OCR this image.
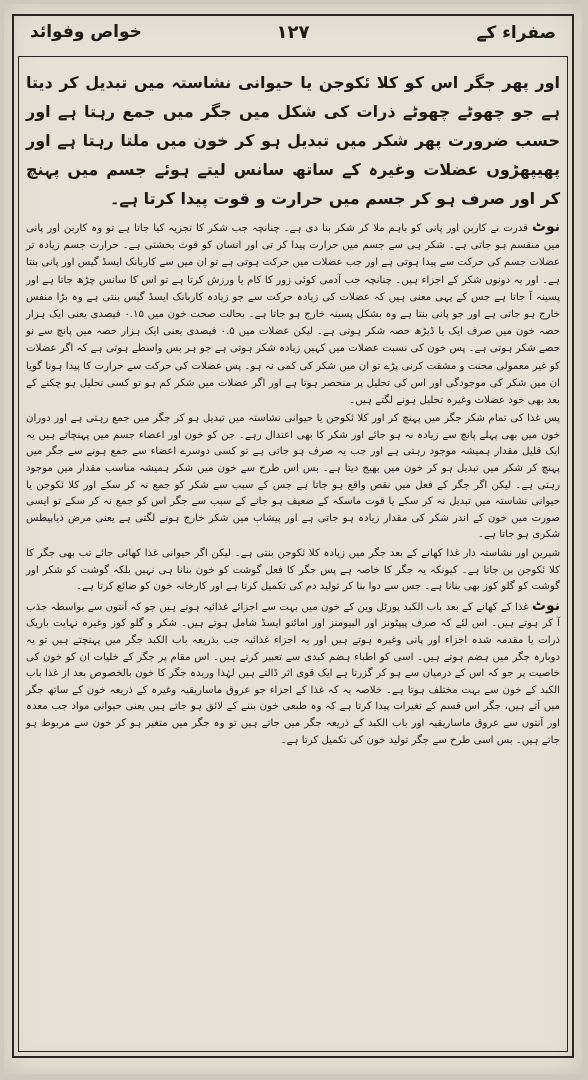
خواص وفوائد	۱۲۷	صفراء کے

اور پھر جگر اس کو کلا ئکوجن یا حیوانی نشاستہ میں تبدیل کر دیتا ہے جو چھوٹے چھوٹے ذرات کی شکل میں جگر میں جمع رہتا ہے اور حسب ضرورت پھر شکر میں تبدیل ہو کر خون میں ملتا رہتا ہے اور پھیپھڑوں عضلات وغیرہ کے ساتھ سانس لیتے ہوئے جسم میں پہنچ کر اور صرف ہو کر جسم میں حرارت و قوت پیدا کرتا ہے۔

نوٹ قدرت نے کاربن اور پانی کو باہم ملا کر شکر بنا دی ہے۔ چنانچہ جب شکر کا تجزیہ کیا جاتا ہے تو وہ کاربن اور پانی میں منقسم ہو جاتی ہے۔ شکر ہی سے جسم میں حرارت پیدا کر تی اور انسان کو قوت بخشتی ہے۔ حرارت جسم زیادہ تر عضلات جسم کی حرکت سے پیدا ہوتی ہے اور جب عضلات میں حرکت ہوتی ہے تو ان میں سے کاربانک ایسڈ گیس اور پانی بنتا ہے۔ اور یہ دونوں شکر کے اجزاء ہیں۔ چنانچہ جب آدمی کوئی زور کا کام یا ورزش کرتا ہے تو اس کا سانس چڑھ جاتا ہے اور پسینہ آ جاتا ہے جس کے یہی معنی ہیں کہ عضلات کی زیادہ حرکت سے جو زیادہ کاربانک ایسڈ گیس بنتی ہے وہ بڑا منفس خارج ہو جاتی ہے اور جو پانی بنتا ہے وہ بشکل پسینہ خارج ہو جاتا ہے۔ بحالت صحت خون میں ۰.۱۵ فیصدی یعنی ایک ہزار حصہ خون میں صرف ایک یا ڈیڑھ حصہ شکر ہوتی ہے۔ لیکن عضلات میں ۰.۵ فیصدی یعنی ایک ہزار حصہ میں پانچ سے نو حصے شکر ہوتی ہے۔ پس خون کی نسبت عضلات میں کہیں زیادہ شکر ہوتی ہے جو ہر بس واسطے ہوتی ہے کہ اگر عضلات کو غیر معمولی محنت و مشقت کرنی پڑے تو ان میں شکر کی کمی نہ ہو۔ پس عضلات کی حرکت سے حرارت کا پیدا ہونا گویا ان میں شکر کی موجودگی اور اس کی تحلیل پر منحصر ہوتا ہے اور اگر عضلات میں شکر کم ہو تو کسی تحلیل ہو چکنے کے بعد بھی خود عضلات وغیرہ تحلیل ہونے لگتے ہیں۔

پس غذا کی تمام شکر جگر میں پہنچ کر اور کلا ئکوجن یا حیوانی نشاستہ میں تبدیل ہو کر جگر میں جمع رہتی ہے اور دوران خون میں بھی پہلے پانچ سے زیادہ نہ ہو جائے اور شکر کا بھی اعتدال رہے۔ جن کو خون اور اعضاء جسم میں پہنچاتے ہیں یہ ایک قلیل مقدار ہمیشہ موجود رہتی ہے اور جب یہ صرف ہو جاتی ہے تو کسی دوسرے اعضاء سے جمع ہونے سے جگر میں پہنچ کر شکر میں تبدیل ہو کر خون میں بھیج دیتا ہے۔ بس اس طرح سے خون میں شکر ہمیشہ مناسب مقدار میں موجود رہتی ہے۔ لیکن اگر جگر کے فعل میں نقص واقع ہو جاتا ہے جس کے سبب سے شکر کو جمع نہ کر سکے اور کلا ئکوجن یا حیوانی نشاستہ میں تبدیل نہ کر سکے یا قوت ماسکہ کے ضعیف ہو جانے کے سبب سے جگر اس کو جمع نہ کر سکے تو ایسی صورت میں خون کے اندر شکر کی مقدار زیادہ ہو جاتی ہے اور پیشاب میں شکر خارج ہونے لگتی ہے یعنی مرض ذیابیطس شکری ہو جاتا ہے۔

شیرین اور نشاستہ دار غذا کھانے کے بعد جگر میں زیادہ کلا ئکوجن بنتی ہے۔ لیکن اگر حیوانی غذا کھائی جائے تب بھی جگر کا کلا ئکوجن بن جاتا ہے۔ کیونکہ یہ جگر کا خاصہ ہے پس جگر کا فعل گوشت کو خون بنانا ہی نہیں بلکہ گوشت کو شکر اور گوشت کو گلو کوز بھی بنانا ہے۔ جس سے دوا بنا کر تولید دم کی تکمیل کرتا ہے اور کارخانہ خون کو ضائع کرتا ہے۔

نوٹ غذا کے کھانے کے بعد باب الکبد پورٹل وین کے خون میں بہت سے اجزائے غذائیہ ہوتے ہیں جو کہ آنتوں سے بواسطہ جذب آ کر ہوتے ہیں۔ اس لئے کہ صرف پیپٹونز اور البیومنز اور امائنو ایسڈ شامل ہوتے ہیں۔ شکر و گلو کوز وغیرہ نہایت باریک ذرات یا مقدمہ شدہ اجزاء اور پانی وغیرہ ہوتے ہیں اور یہ اجزاء غذائیہ جب بذریعہ باب الکبد جگر میں پہنچتے ہیں تو یہ دوبارہ جگر میں ہضم ہوتے ہیں۔ اسی کو اطباء ہضم کبدی سے تعبیر کرتے ہیں۔ اس مقام پر جگر کے خلیات ان کو خون کی خاصیت پر جو کہ اس کے درمیان سے ہو کر گزرتا ہے ایک قوی اثر ڈالتے ہیں لہٰذا وریدہ جگر کا خون بالخصوص بعد از غذا باب الکبد کے خون سے بہت مختلف ہوتا ہے۔ خلاصہ یہ کہ غذا کے اجزاء جو عروق ماساریقیہ وغیرہ کے ذریعہ خون کے ساتھ جگر میں آتے ہیں، جگر اس قسم کے تغیرات پیدا کرتا ہے کہ وہ طبعی خون بننے کے لائق ہو جاتے ہیں یعنی حیوانی مواد جب معدہ اور آنتوں سے عروق ماساریقیہ اور باب الکبد کے ذریعہ جگر میں جاتے ہیں تو وہ جگر میں متغیر ہو کر خون سے مربوط ہو جاتے ہیں۔ بس اسی طرح سے جگر تولید خون کی تکمیل کرتا ہے۔
